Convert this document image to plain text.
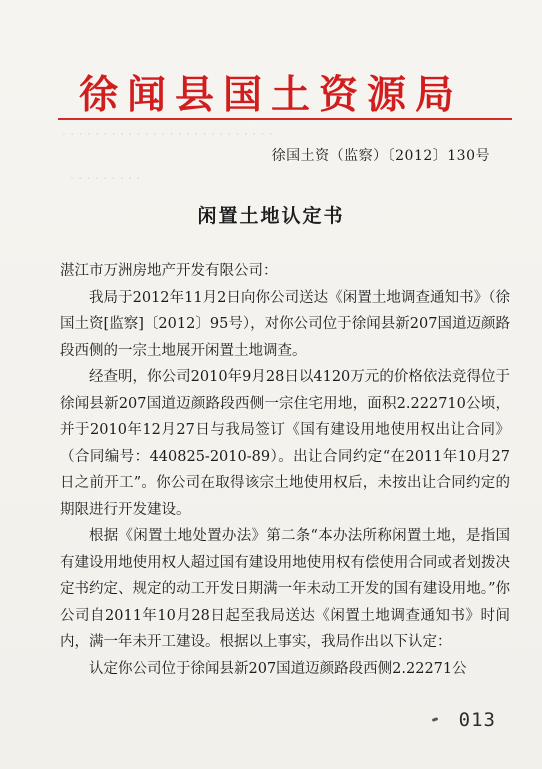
徐闻县国土资源局
· · · · · · · · · · · · · · · · · · · · · · · · · ·
· · · · · · · · ·
徐国土资（监察）〔2012〕130号
闲置土地认定书

湛江市万洲房地产开发有限公司：

我局于2012年11月2日向你公司送达《闲置土地调查通知书》（徐国土资[监察]〔2012〕95号），对你公司位于徐闻县新207国道迈颜路段西侧的一宗土地展开闲置土地调查。

经查明，你公司2010年9月28日以4120万元的价格依法竞得位于徐闻县新207国道迈颜路段西侧一宗住宅用地，面积2.222710公顷，并于2010年12月27日与我局签订《国有建设用地使用权出让合同》（合同编号：440825-2010-89）。出让合同约定“在2011年10月27日之前开工”。你公司在取得该宗土地使用权后，未按出让合同约定的期限进行开发建设。

根据《闲置土地处置办法》第二条“本办法所称闲置土地，是指国有建设用地使用权人超过国有建设用地使用权有偿使用合同或者划拨决定书约定、规定的动工开发日期满一年未动工开发的国有建设用地。”你公司自2011年10月28日起至我局送达《闲置土地调查通知书》时间内，满一年未开工建设。根据以上事实，我局作出以下认定：

认定你公司位于徐闻县新207国道迈颜路段西侧2.22271公

013
